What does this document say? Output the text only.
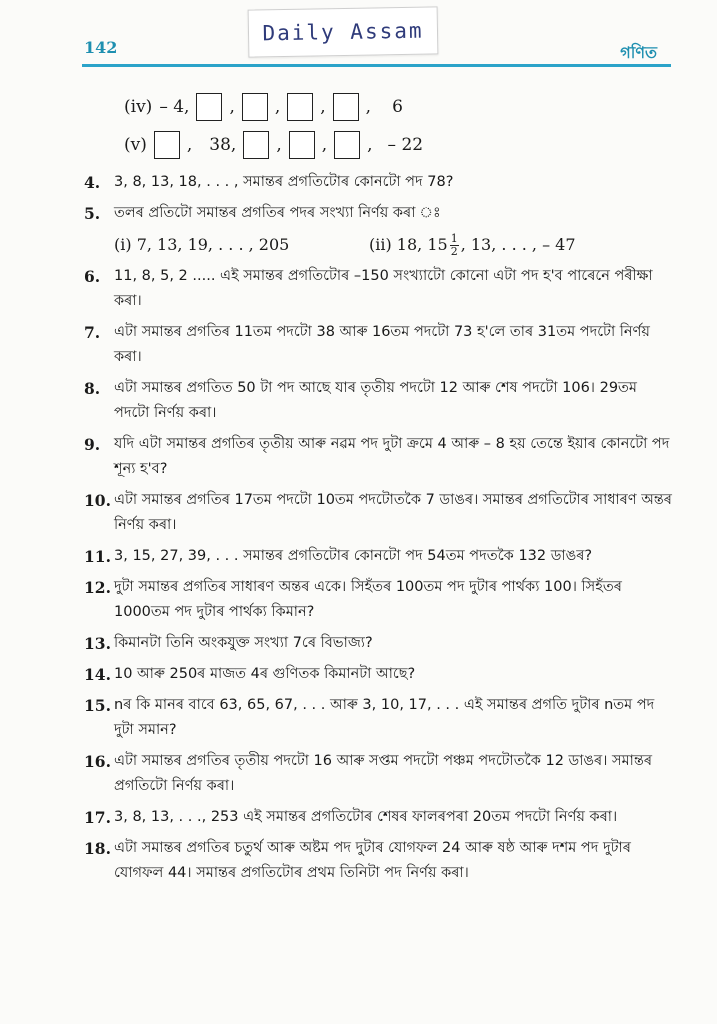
Daily Assam
142	গণিত
(iv) – 4, , , , , 6
(v) , 38, , , , – 22
4. 3, 8, 13, 18, . . . , সমান্তৰ প্ৰগতিটোৰ কোনটো পদ 78?
5. তলৰ প্ৰতিটো সমান্তৰ প্ৰগতিৰ পদৰ সংখ্যা নিৰ্ণয় কৰা ঃ
(i) 7, 13, 19, . . . , 205	(ii) 18, $15 \frac{1}{2}$ , 13, . . . , – 47
6. 11, 8, 5, 2 ..... এই সমান্তৰ প্ৰগতিটোৰ –150 সংখ্যাটো কোনো এটা পদ হ'ব পাৰেনে পৰীক্ষা কৰা।
7. এটা সমান্তৰ প্ৰগতিৰ 11তম পদটো 38 আৰু 16তম পদটো 73 হ'লে তাৰ 31তম পদটো নিৰ্ণয় কৰা।
8. এটা সমান্তৰ প্ৰগতিত 50 টা পদ আছে যাৰ তৃতীয় পদটো 12 আৰু শেষ পদটো 106। 29তম পদটো নিৰ্ণয় কৰা।
9. যদি এটা সমান্তৰ প্ৰগতিৰ তৃতীয় আৰু নৱম পদ দুটা ক্ৰমে 4 আৰু – 8 হয় তেন্তে ইয়াৰ কোনটো পদ শূন্য হ'ব?
10. এটা সমান্তৰ প্ৰগতিৰ 17তম পদটো 10তম পদটোতকৈ 7 ডাঙৰ। সমান্তৰ প্ৰগতিটোৰ সাধাৰণ অন্তৰ নিৰ্ণয় কৰা।
11. 3, 15, 27, 39, . . . সমান্তৰ প্ৰগতিটোৰ কোনটো পদ 54তম পদতকৈ 132 ডাঙৰ?
12. দুটা সমান্তৰ প্ৰগতিৰ সাধাৰণ অন্তৰ একে। সিহঁতৰ 100তম পদ দুটাৰ পাৰ্থক্য 100। সিহঁতৰ 1000তম পদ দুটাৰ পাৰ্থক্য কিমান?
13. কিমানটা তিনি অংকযুক্ত সংখ্যা 7ৰে বিভাজ্য?
14. 10 আৰু 250ৰ মাজত 4ৰ গুণিতক কিমানটা আছে?
15. nৰ কি মানৰ বাবে 63, 65, 67, . . . আৰু 3, 10, 17, . . . এই সমান্তৰ প্ৰগতি দুটাৰ nতম পদ দুটা সমান?
16. এটা সমান্তৰ প্ৰগতিৰ তৃতীয় পদটো 16 আৰু সপ্তম পদটো পঞ্চম পদটোতকৈ 12 ডাঙৰ। সমান্তৰ প্ৰগতিটো নিৰ্ণয় কৰা।
17. 3, 8, 13, . . ., 253 এই সমান্তৰ প্ৰগতিটোৰ শেষৰ ফালৰপৰা 20তম পদটো নিৰ্ণয় কৰা।
18. এটা সমান্তৰ প্ৰগতিৰ চতুৰ্থ আৰু অষ্টম পদ দুটাৰ যোগফল 24 আৰু ষষ্ঠ আৰু দশম পদ দুটাৰ যোগফল 44। সমান্তৰ প্ৰগতিটোৰ প্ৰথম তিনিটা পদ নিৰ্ণয় কৰা।
